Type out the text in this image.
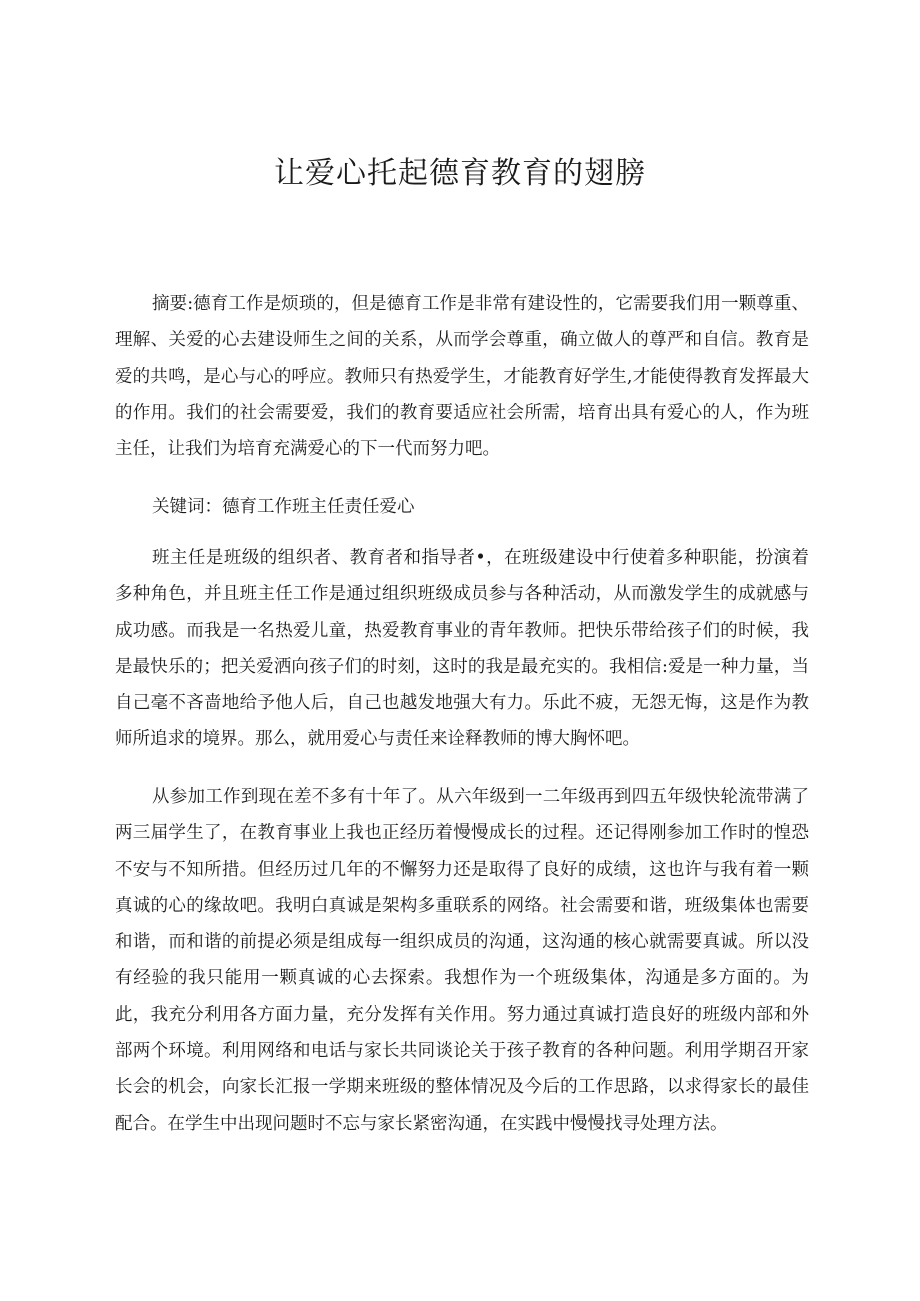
让爱心托起德育教育的翅膀

摘要:德育工作是烦琐的，但是德育工作是非常有建设性的，它需要我们用一颗尊重、理解、关爱的心去建设师生之间的关系，从而学会尊重，确立做人的尊严和自信。教育是爱的共鸣，是心与心的呼应。教师只有热爱学生，才能教育好学生,才能使得教育发挥最大的作用。我们的社会需要爱，我们的教育要适应社会所需，培育出具有爱心的人，作为班主任，让我们为培育充满爱心的下一代而努力吧。

关键词：德育工作班主任责任爱心

班主任是班级的组织者、教育者和指导者•，在班级建设中行使着多种职能，扮演着多种角色，并且班主任工作是通过组织班级成员参与各种活动，从而激发学生的成就感与成功感。而我是一名热爱儿童，热爱教育事业的青年教师。把快乐带给孩子们的时候，我是最快乐的；把关爱洒向孩子们的时刻，这时的我是最充实的。我相信:爱是一种力量，当自己毫不吝啬地给予他人后，自己也越发地强大有力。乐此不疲，无怨无悔，这是作为教师所追求的境界。那么，就用爱心与责任来诠释教师的博大胸怀吧。

从参加工作到现在差不多有十年了。从六年级到一二年级再到四五年级快轮流带满了两三届学生了，在教育事业上我也正经历着慢慢成长的过程。还记得刚参加工作时的惶恐不安与不知所措。但经历过几年的不懈努力还是取得了良好的成绩，这也许与我有着一颗真诚的心的缘故吧。我明白真诚是架构多重联系的网络。社会需要和谐，班级集体也需要和谐，而和谐的前提必须是组成每一组织成员的沟通，这沟通的核心就需要真诚。所以没有经验的我只能用一颗真诚的心去探索。我想作为一个班级集体，沟通是多方面的。为此，我充分利用各方面力量，充分发挥有关作用。努力通过真诚打造良好的班级内部和外部两个环境。利用网络和电话与家长共同谈论关于孩子教育的各种问题。利用学期召开家长会的机会，向家长汇报一学期来班级的整体情况及今后的工作思路，以求得家长的最佳配合。在学生中出现问题时不忘与家长紧密沟通，在实践中慢慢找寻处理方法。
